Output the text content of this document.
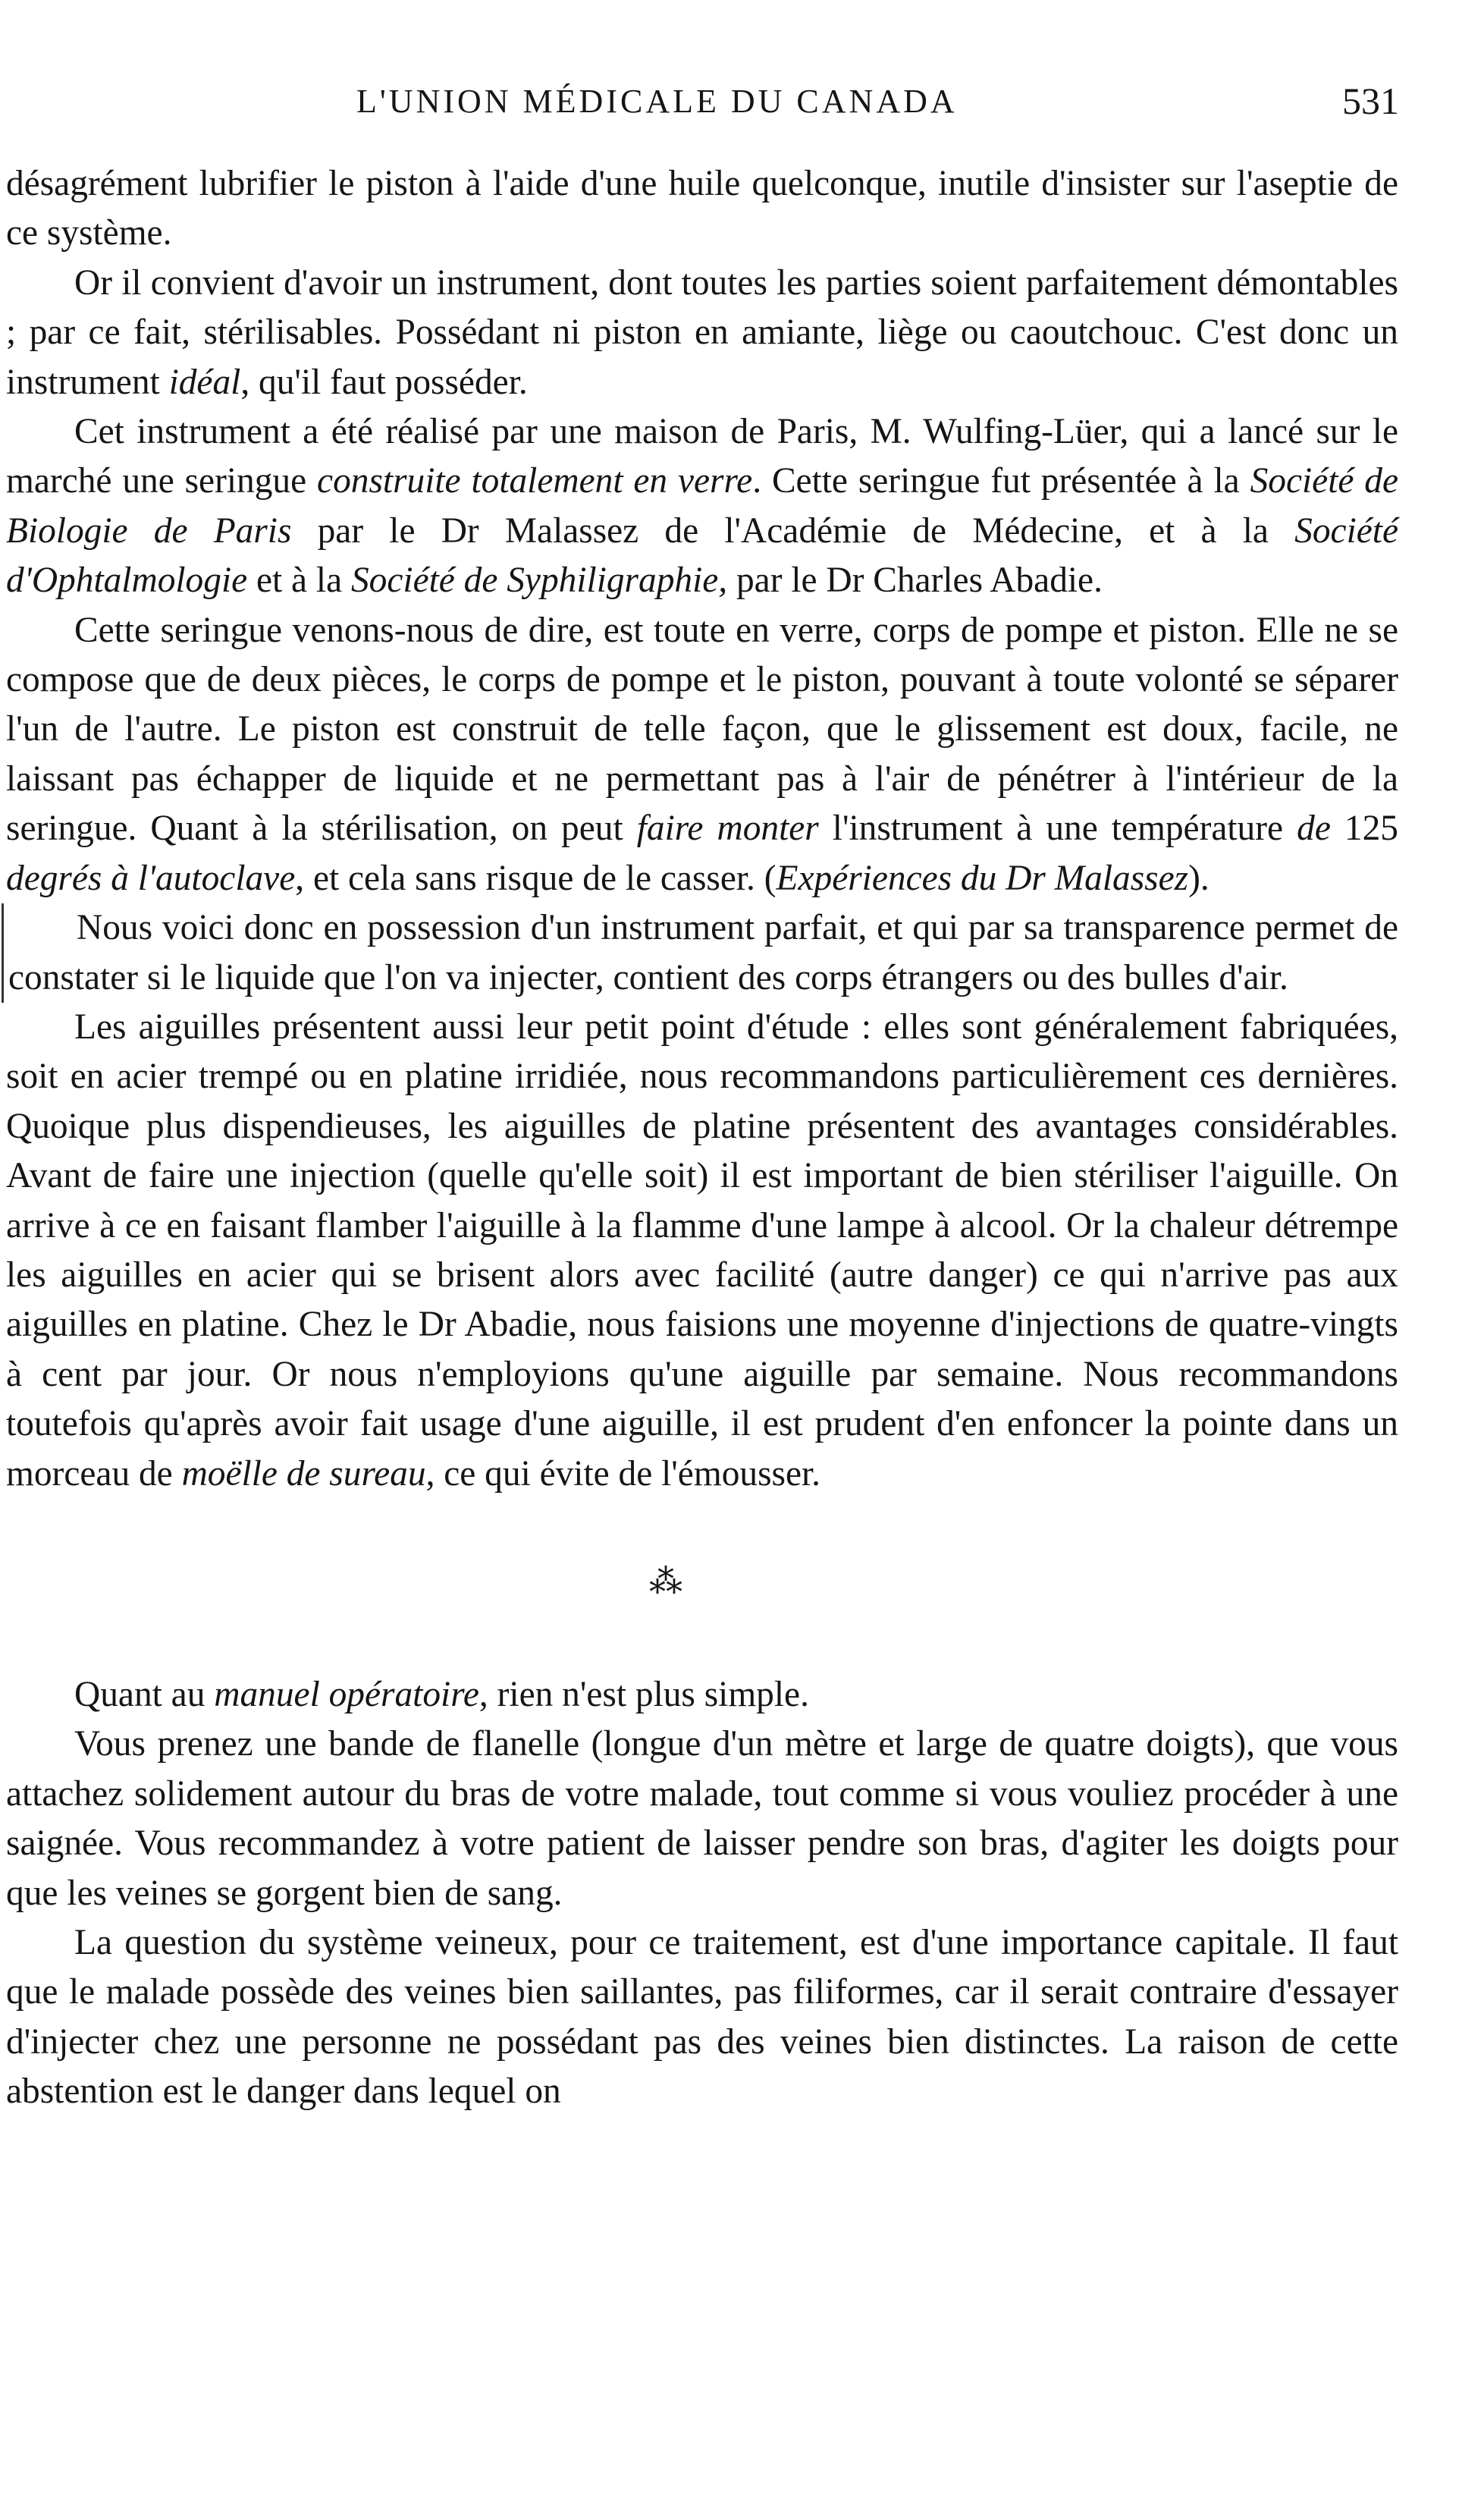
L'UNION MÉDICALE DU CANADA	531

désagrément lubrifier le piston à l'aide d'une huile quelconque, inutile d'insister sur l'aseptie de ce système.

Or il convient d'avoir un instrument, dont toutes les parties soient parfaitement démontables ; par ce fait, stérilisables. Possédant ni piston en amiante, liège ou caoutchouc. C'est donc un instrument idéal, qu'il faut posséder.

Cet instrument a été réalisé par une maison de Paris, M. Wulfing-Lüer, qui a lancé sur le marché une seringue construite totalement en verre. Cette seringue fut présentée à la Société de Biologie de Paris par le Dr Malassez de l'Académie de Médecine, et à la Société d'Ophtalmologie et à la Société de Syphiligraphie, par le Dr Charles Abadie.

Cette seringue venons-nous de dire, est toute en verre, corps de pompe et piston. Elle ne se compose que de deux pièces, le corps de pompe et le piston, pouvant à toute volonté se séparer l'un de l'autre. Le piston est construit de telle façon, que le glissement est doux, facile, ne laissant pas échapper de liquide et ne permettant pas à l'air de pénétrer à l'intérieur de la seringue. Quant à la stérilisation, on peut faire monter l'instrument à une température de 125 degrés à l'autoclave, et cela sans risque de le casser. (Expériences du Dr Malassez).

Nous voici donc en possession d'un instrument parfait, et qui par sa transparence permet de constater si le liquide que l'on va injecter, contient des corps étrangers ou des bulles d'air.

Les aiguilles présentent aussi leur petit point d'étude : elles sont généralement fabriquées, soit en acier trempé ou en platine irridiée, nous recommandons particulièrement ces dernières. Quoique plus dispendieuses, les aiguilles de platine présentent des avantages considérables. Avant de faire une injection (quelle qu'elle soit) il est important de bien stériliser l'aiguille. On arrive à ce en faisant flamber l'aiguille à la flamme d'une lampe à alcool. Or la chaleur détrempe les aiguilles en acier qui se brisent alors avec facilité (autre danger) ce qui n'arrive pas aux aiguilles en platine. Chez le Dr Abadie, nous faisions une moyenne d'injections de quatre-vingts à cent par jour. Or nous n'employions qu'une aiguille par semaine. Nous recommandons toutefois qu'après avoir fait usage d'une aiguille, il est prudent d'en enfoncer la pointe dans un morceau de moëlle de sureau, ce qui évite de l'émousser.

⁂

Quant au manuel opératoire, rien n'est plus simple.

Vous prenez une bande de flanelle (longue d'un mètre et large de quatre doigts), que vous attachez solidement autour du bras de votre malade, tout comme si vous vouliez procéder à une saignée. Vous recommandez à votre patient de laisser pendre son bras, d'agiter les doigts pour que les veines se gorgent bien de sang.

La question du système veineux, pour ce traitement, est d'une importance capitale. Il faut que le malade possède des veines bien saillantes, pas filiformes, car il serait contraire d'essayer d'injecter chez une personne ne possédant pas des veines bien distinctes. La raison de cette abstention est le danger dans lequel on
